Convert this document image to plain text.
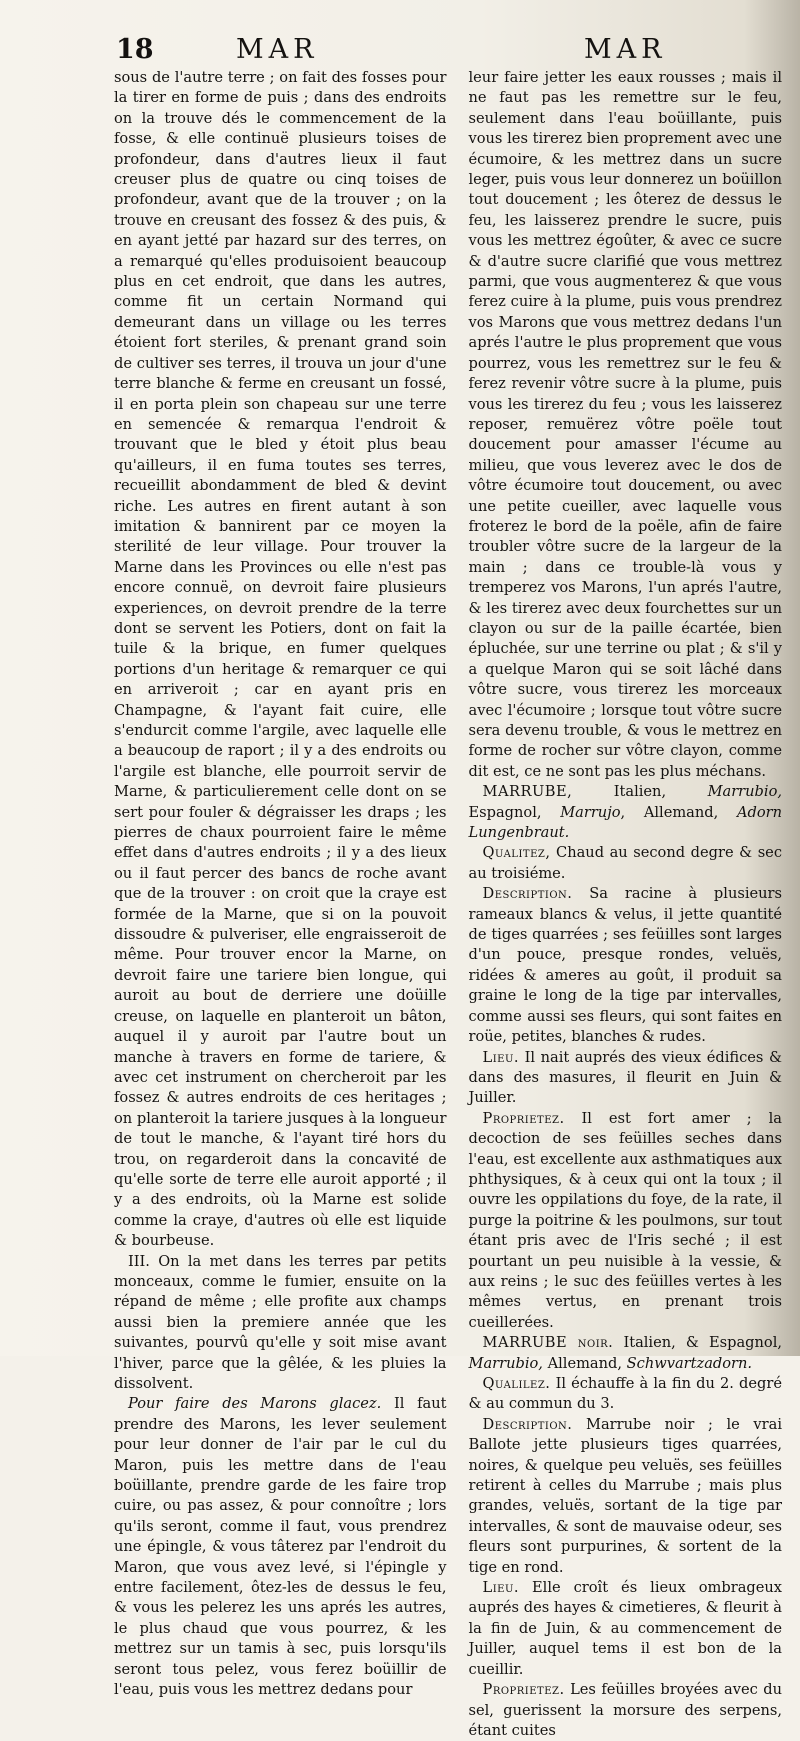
18	MAR	MAR

sous de l'autre terre ; on fait des fosses pour la tirer en forme de puis ; dans des endroits on la trouve dés le commencement de la fosse, & elle continuë plusieurs toises de profondeur, dans d'autres lieux il faut creuser plus de quatre ou cinq toises de profondeur, avant que de la trouver ; on la trouve en creusant des fossez & des puis, & en ayant jetté par hazard sur des terres, on a remarqué qu'elles produisoient beaucoup plus en cet endroit, que dans les autres, comme fit un certain Normand qui demeurant dans un village ou les terres étoient fort steriles, & prenant grand soin de cultiver ses terres, il trouva un jour d'une terre blanche & ferme en creusant un fossé, il en porta plein son chapeau sur une terre en semencée & remarqua l'endroit & trouvant que le bled y étoit plus beau qu'ailleurs, il en fuma toutes ses terres, recueillit abondamment de bled & devint riche. Les autres en firent autant à son imitation & bannirent par ce moyen la sterilité de leur village. Pour trouver la Marne dans les Provinces ou elle n'est pas encore connuë, on devroit faire plusieurs experiences, on devroit prendre de la terre dont se servent les Potiers, dont on fait la tuile & la brique, en fumer quelques portions d'un heritage & remarquer ce qui en arriveroit ; car en ayant pris en Champagne, & l'ayant fait cuire, elle s'endurcit comme l'argile, avec laquelle elle a beaucoup de raport ; il y a des endroits ou l'argile est blanche, elle pourroit servir de Marne, & particulierement celle dont on se sert pour fouler & dégraisser les draps ; les pierres de chaux pourroient faire le même effet dans d'autres endroits ; il y a des lieux ou il faut percer des bancs de roche avant que de la trouver : on croit que la craye est formée de la Marne, que si on la pouvoit dissoudre & pulveriser, elle engraisseroit de même. Pour trouver encor la Marne, on devroit faire une tariere bien longue, qui auroit au bout de derriere une doüille creuse, on laquelle en planteroit un bâton, auquel il y auroit par l'autre bout un manche à travers en forme de tariere, & avec cet instrument on chercheroit par les fossez & autres endroits de ces heritages ; on planteroit la tariere jusques à la longueur de tout le manche, & l'ayant tiré hors du trou, on regarderoit dans la concavité de qu'elle sorte de terre elle auroit apporté ; il y a des endroits, où la Marne est solide comme la craye, d'autres où elle est liquide & bourbeuse.

III. On la met dans les terres par petits monceaux, comme le fumier, ensuite on la répand de même ; elle profite aux champs aussi bien la premiere année que les suivantes, pourvû qu'elle y soit mise avant l'hiver, parce que la gêlée, & les pluies la dissolvent.

Pour faire des Marons glacez. Il faut prendre des Marons, les lever seulement pour leur donner de l'air par le cul du Maron, puis les mettre dans de l'eau boüillante, prendre garde de les faire trop cuire, ou pas assez, & pour connoître ; lors qu'ils seront, comme il faut, vous prendrez une épingle, & vous tâterez par l'endroit du Maron, que vous avez levé, si l'épingle y entre facilement, ôtez-les de dessus le feu, & vous les pelerez les uns aprés les autres, le plus chaud que vous pourrez, & les mettrez sur un tamis à sec, puis lorsqu'ils seront tous pelez, vous ferez boüillir de l'eau, puis vous les mettrez dedans pour

leur faire jetter les eaux rousses ; mais il ne faut pas les remettre sur le feu, seulement dans l'eau boüillante, puis vous les tirerez bien proprement avec une écumoire, & les mettrez dans un sucre leger, puis vous leur donnerez un boüillon tout doucement ; les ôterez de dessus le feu, les laisserez prendre le sucre, puis vous les mettrez égoûter, & avec ce sucre & d'autre sucre clarifié que vous mettrez parmi, que vous augmenterez & que vous ferez cuire à la plume, puis vous prendrez vos Marons que vous mettrez dedans l'un aprés l'autre le plus proprement que vous pourrez, vous les remettrez sur le feu & ferez revenir vôtre sucre à la plume, puis vous les tirerez du feu ; vous les laisserez reposer, remuërez vôtre poële tout doucement pour amasser l'écume au milieu, que vous leverez avec le dos de vôtre écumoire tout doucement, ou avec une petite cueiller, avec laquelle vous froterez le bord de la poële, afin de faire troubler vôtre sucre de la largeur de la main ; dans ce trouble-là vous y tremperez vos Marons, l'un aprés l'autre, & les tirerez avec deux fourchettes sur un clayon ou sur de la paille écartée, bien épluchée, sur une terrine ou plat ; & s'il y a quelque Maron qui se soit lâché dans vôtre sucre, vous tirerez les morceaux avec l'écumoire ; lorsque tout vôtre sucre sera devenu trouble, & vous le mettrez en forme de rocher sur vôtre clayon, comme dit est, ce ne sont pas les plus méchans.

MARRUBE, Italien, Marrubio, Espagnol, Marrujo, Allemand, Adorn Lungenbraut.

Qualitez, Chaud au second degre & sec au troisiéme.

Description. Sa racine à plusieurs rameaux blancs & velus, il jette quantité de tiges quarrées ; ses feüilles sont larges d'un pouce, presque rondes, veluës, ridées & ameres au goût, il produit sa graine le long de la tige par intervalles, comme aussi ses fleurs, qui sont faites en roüe, petites, blanches & rudes.

Lieu. Il nait auprés des vieux édifices & dans des masures, il fleurit en Juin & Juiller.

Proprietez. Il est fort amer ; la decoction de ses feüilles seches dans l'eau, est excellente aux asthmatiques aux phthysiques, & à ceux qui ont la toux ; il ouvre les oppilations du foye, de la rate, il purge la poitrine & les poulmons, sur tout étant pris avec de l'Iris seché ; il est pourtant un peu nuisible à la vessie, & aux reins ; le suc des feüilles vertes à les mêmes vertus, en prenant trois cueillerées.

MARRUBE noir. Italien, & Espagnol, Marrubio, Allemand, Schwvartzadorn.

Qualilez. Il échauffe à la fin du 2. degré & au commun du 3.

Description. Marrube noir ; le vrai Ballote jette plusieurs tiges quarrées, noires, & quelque peu veluës, ses feüilles retirent à celles du Marrube ; mais plus grandes, veluës, sortant de la tige par intervalles, & sont de mauvaise odeur, ses fleurs sont purpurines, & sortent de la tige en rond.

Lieu. Elle croît és lieux ombrageux auprés des hayes & cimetieres, & fleurit à la fin de Juin, & au commencement de Juiller, auquel tems il est bon de la cueillir.

Proprietez. Les feüilles broyées avec du sel, guerissent la morsure des serpens, étant cuites
